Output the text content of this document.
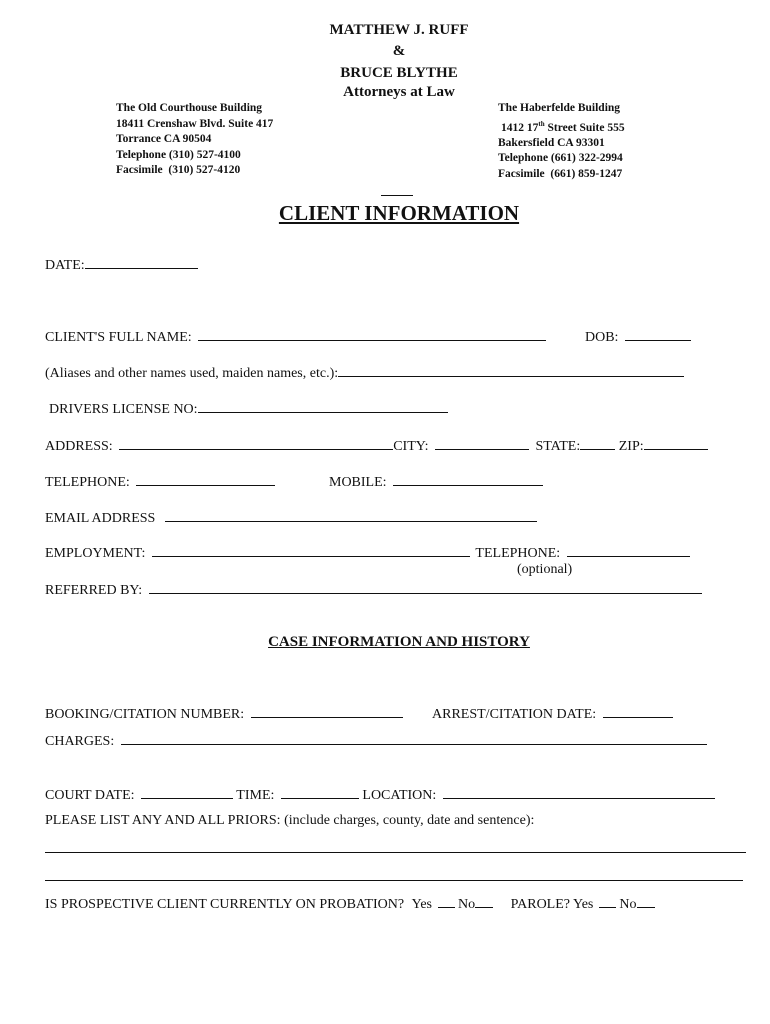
MATTHEW J. RUFF
&
BRUCE BLYTHE
Attorneys at Law
The Old Courthouse Building
18411 Crenshaw Blvd. Suite 417
Torrance CA 90504
Telephone (310) 527-4100
Facsimile  (310) 527-4120
The Haberfelde Building
1412 17th Street Suite 555
Bakersfield CA 93301
Telephone (661) 322-2994
Facsimile  (661) 859-1247
CLIENT INFORMATION
DATE:
CLIENT'S FULL NAME:	DOB:
(Aliases and other names used, maiden names, etc.):
DRIVERS LICENSE NO:
ADDRESS:	CITY:	STATE:	ZIP:
TELEPHONE:	MOBILE:
EMAIL ADDRESS
EMPLOYMENT:	TELEPHONE:
(optional)
REFERRED BY:
CASE INFORMATION AND HISTORY
BOOKING/CITATION NUMBER:	ARREST/CITATION DATE:
CHARGES:
COURT DATE:	TIME:	LOCATION:
PLEASE LIST ANY AND ALL PRIORS: (include charges, county, date and sentence):
IS PROSPECTIVE CLIENT CURRENTLY ON PROBATION? Yes No	PAROLE? Yes No
